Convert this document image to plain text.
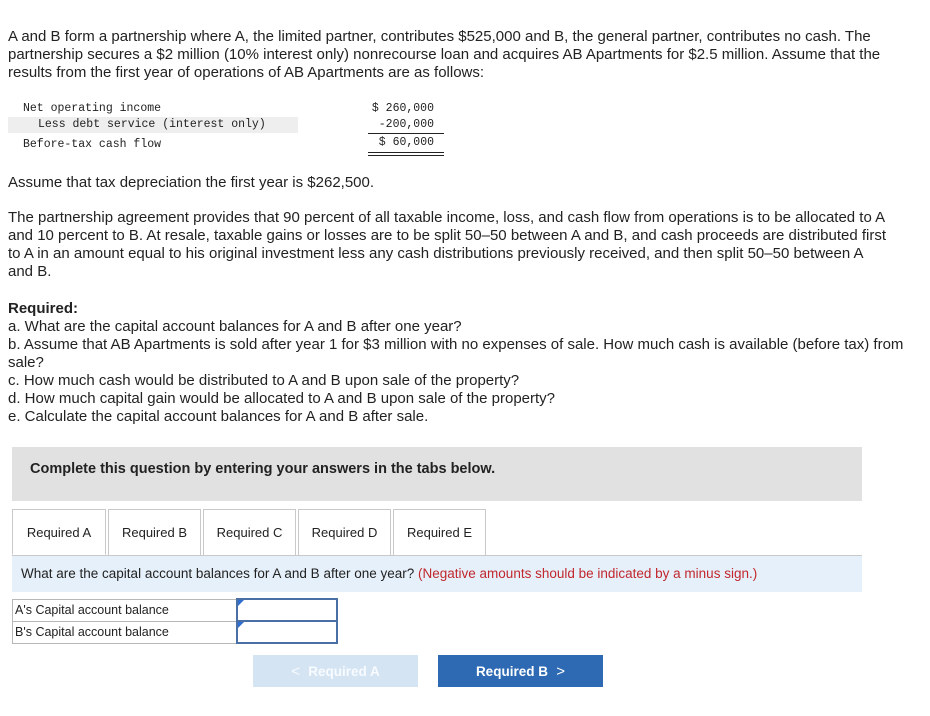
A and B form a partnership where A, the limited partner, contributes $525,000 and B, the general partner, contributes no cash. The
partnership secures a $2 million (10% interest only) nonrecourse loan and acquires AB Apartments for $2.5 million. Assume that the
results from the first year of operations of AB Apartments are as follows:
Net operating income	$ 260,000
Less debt service (interest only)	-200,000
Before-tax cash flow	$ 60,000
Assume that tax depreciation the first year is $262,500.
The partnership agreement provides that 90 percent of all taxable income, loss, and cash flow from operations is to be allocated to A
and 10 percent to B. At resale, taxable gains or losses are to be split 50–50 between A and B, and cash proceeds are distributed first
to A in an amount equal to his original investment less any cash distributions previously received, and then split 50–50 between A
and B.
Required:
a. What are the capital account balances for A and B after one year?
b. Assume that AB Apartments is sold after year 1 for $3 million with no expenses of sale. How much cash is available (before tax) from
sale?
c. How much cash would be distributed to A and B upon sale of the property?
d. How much capital gain would be allocated to A and B upon sale of the property?
e. Calculate the capital account balances for A and B after sale.
Complete this question by entering your answers in the tabs below.
Required A	Required B	Required C	Required D	Required E
What are the capital account balances for A and B after one year? (Negative amounts should be indicated by a minus sign.)
A's Capital account balance	

B's Capital account balance	
< Required A	Required B >
